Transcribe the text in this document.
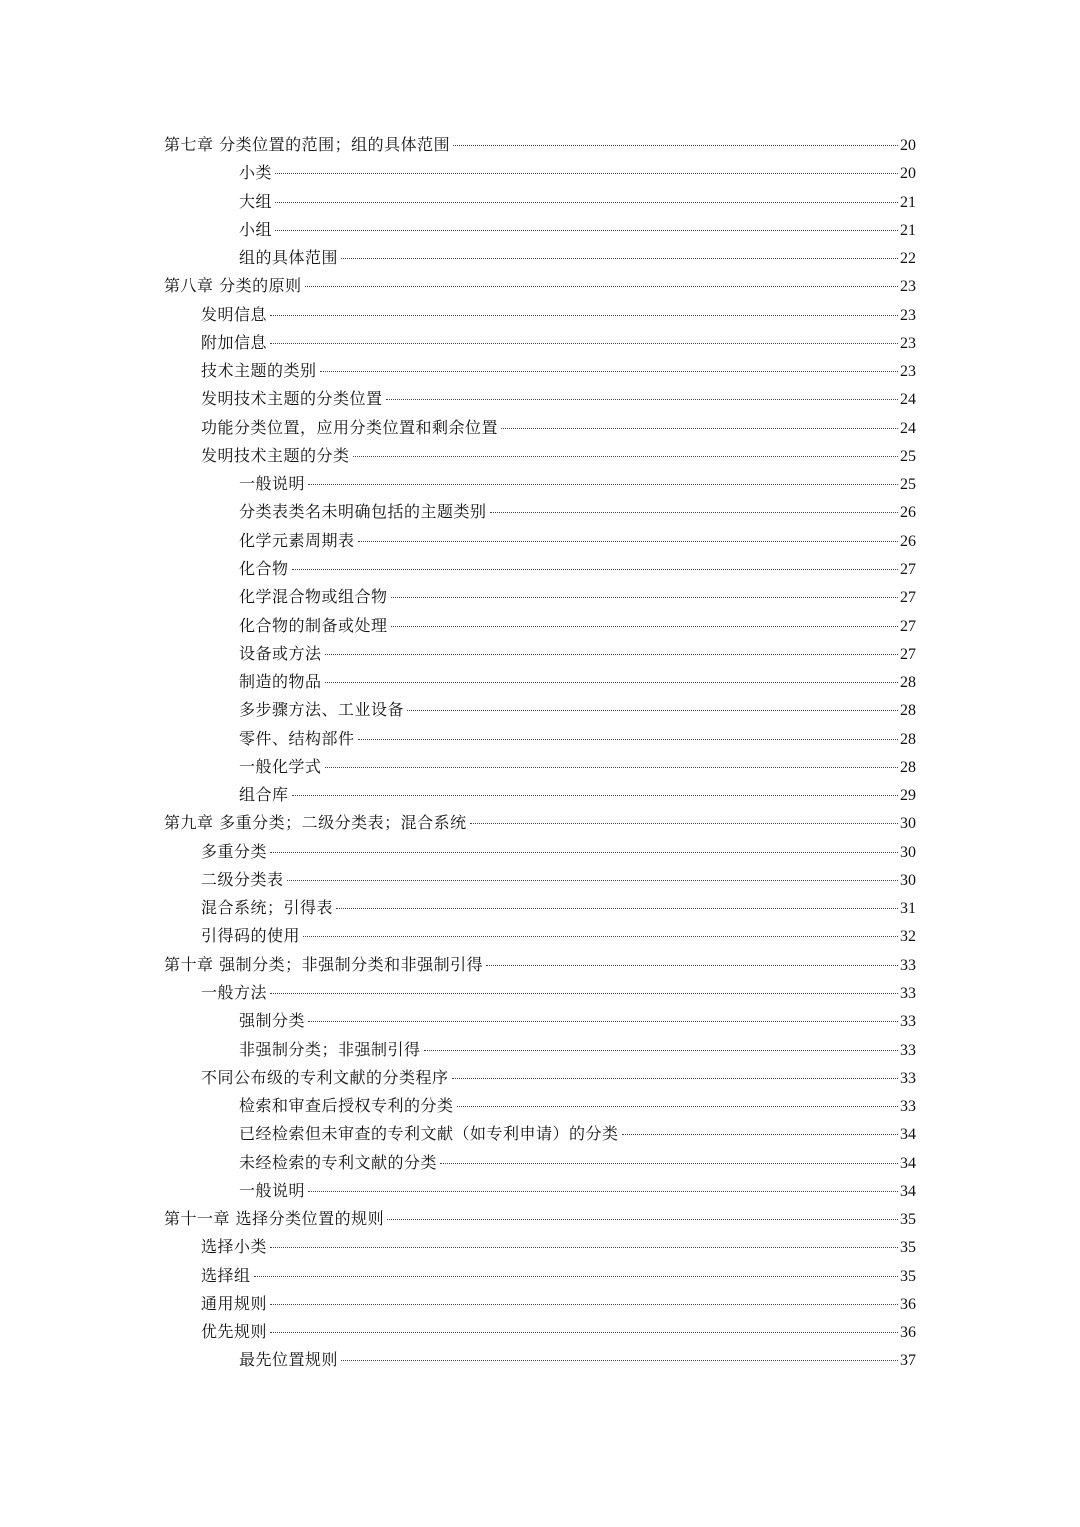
第七章 分类位置的范围；组的具体范围	20
小类	20
大组	21
小组	21
组的具体范围	22
第八章 分类的原则	23
发明信息	23
附加信息	23
技术主题的类别	23
发明技术主题的分类位置	24
功能分类位置，应用分类位置和剩余位置	24
发明技术主题的分类	25
一般说明	25
分类表类名未明确包括的主题类别	26
化学元素周期表	26
化合物	27
化学混合物或组合物	27
化合物的制备或处理	27
设备或方法	27
制造的物品	28
多步骤方法、工业设备	28
零件、结构部件	28
一般化学式	28
组合库	29
第九章 多重分类；二级分类表；混合系统	30
多重分类	30
二级分类表	30
混合系统；引得表	31
引得码的使用	32
第十章 强制分类；非强制分类和非强制引得	33
一般方法	33
强制分类	33
非强制分类；非强制引得	33
不同公布级的专利文献的分类程序	33
检索和审查后授权专利的分类	33
已经检索但未审查的专利文献（如专利申请）的分类	34
未经检索的专利文献的分类	34
一般说明	34
第十一章 选择分类位置的规则	35
选择小类	35
选择组	35
通用规则	36
优先规则	36
最先位置规则	37
